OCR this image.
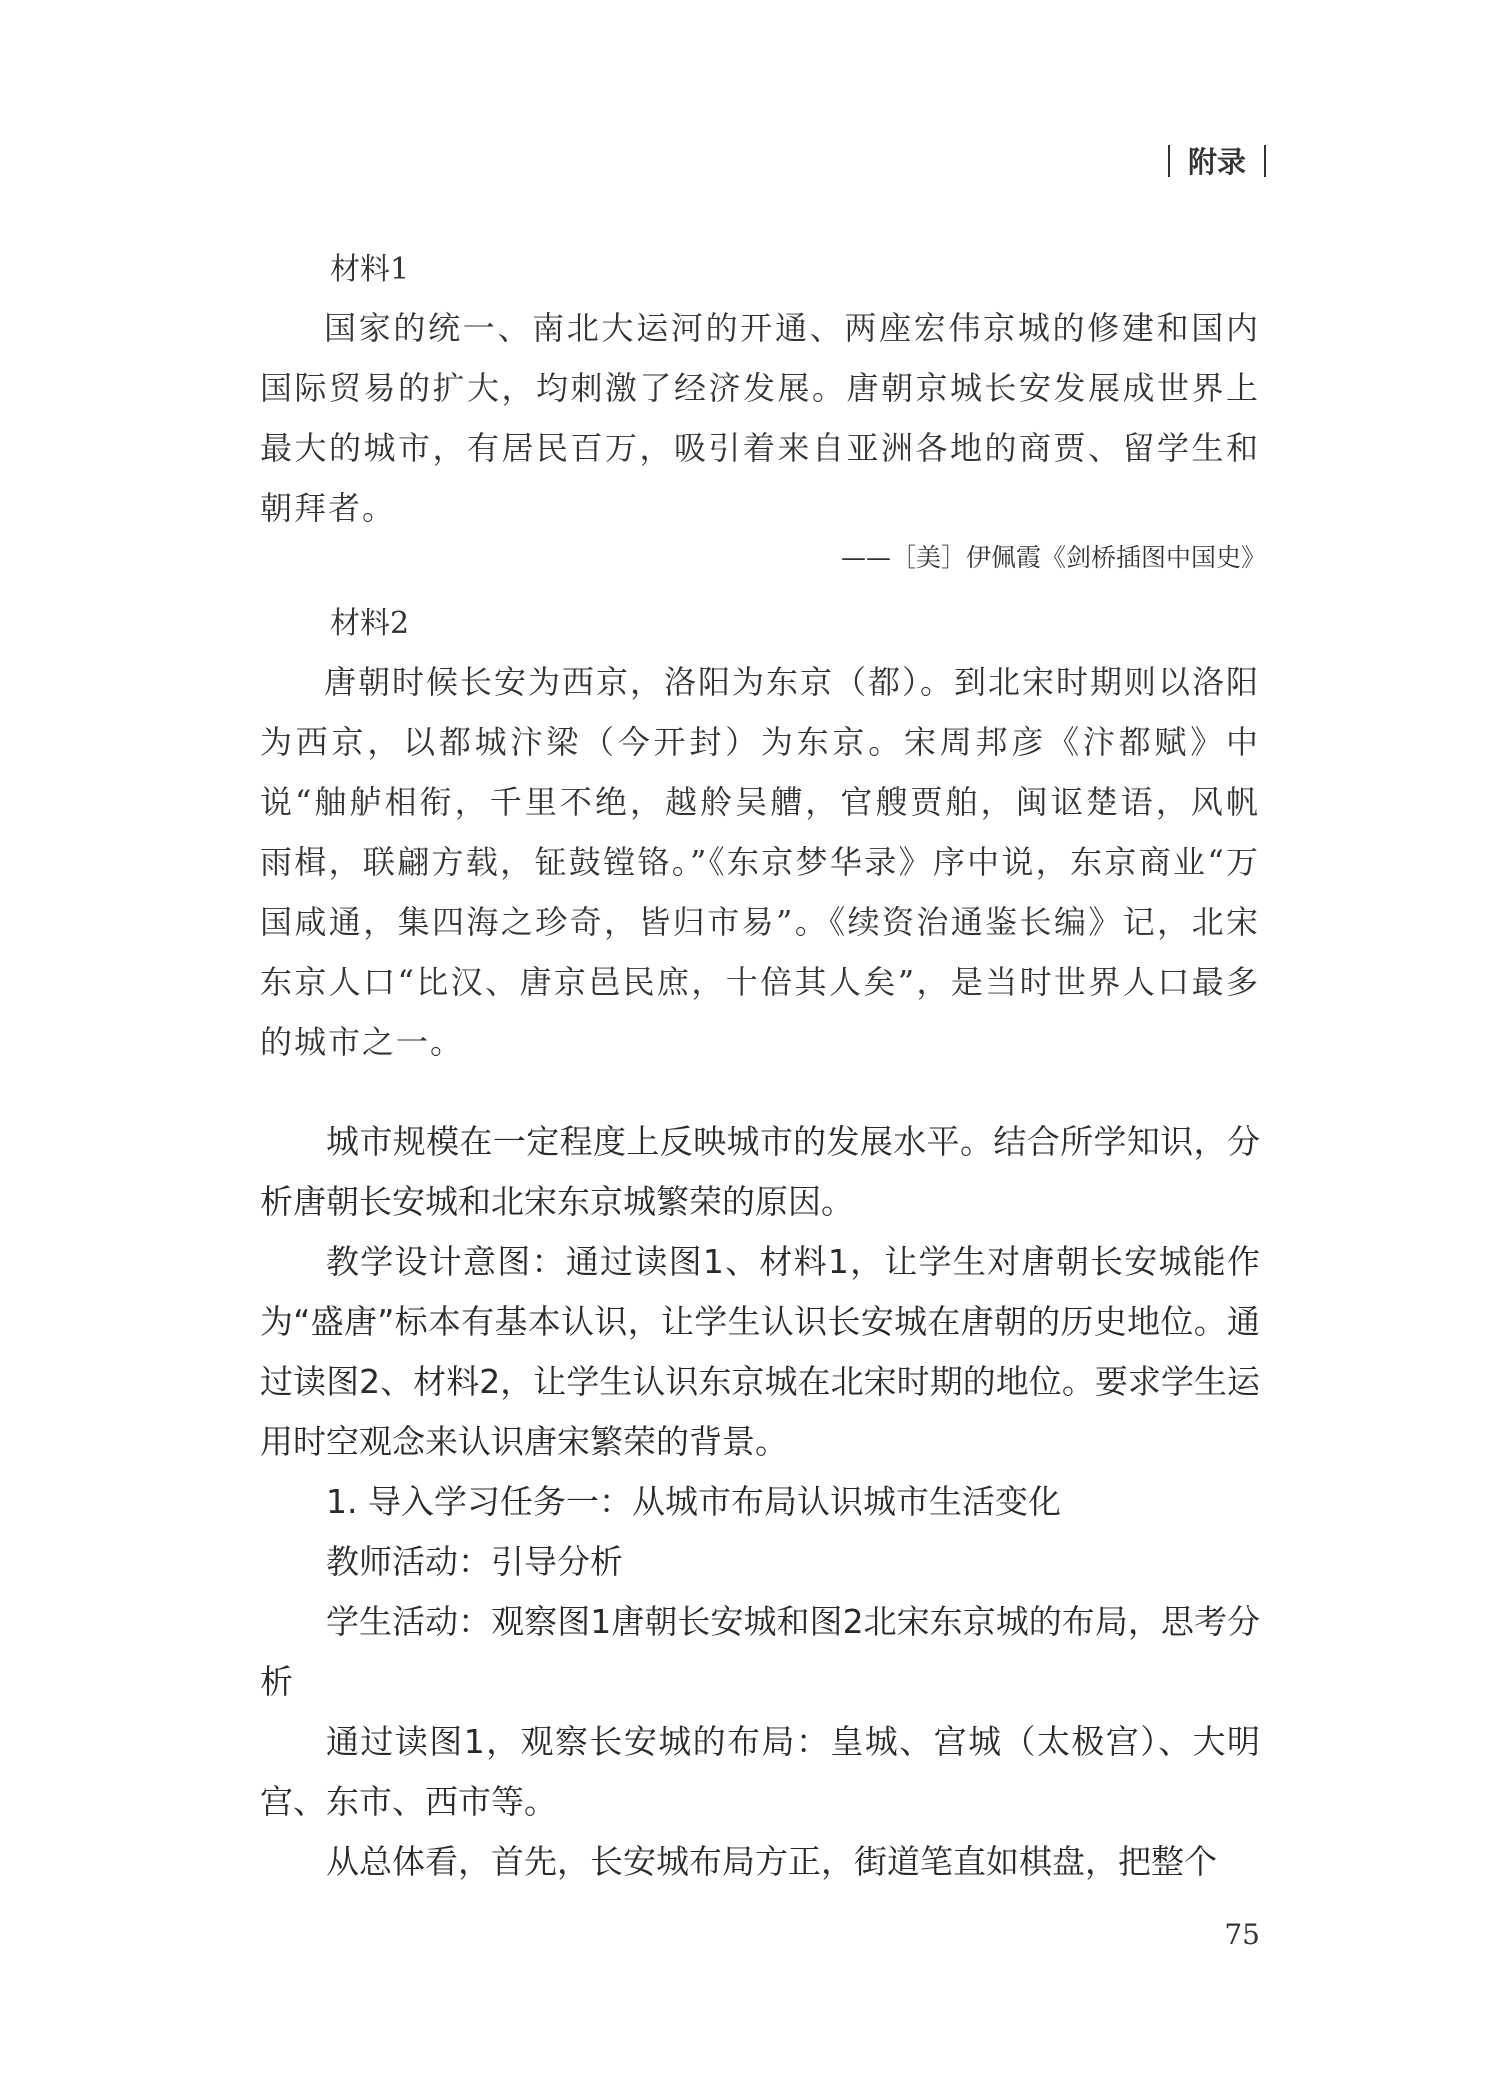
附录
材料1

国家的统一、南北大运河的开通、两座宏伟京城的修建和国内国际贸易的扩大，均刺激了经济发展。唐朝京城长安发展成世界上最大的城市，有居民百万，吸引着来自亚洲各地的商贾、留学生和朝拜者。

——［美］伊佩霞《剑桥插图中国史》
材料2

唐朝时候长安为西京，洛阳为东京（都）。到北宋时期则以洛阳为西京，以都城汴梁（今开封）为东京。宋周邦彦《汴都赋》中说“舳舻相衔，千里不绝，越舲吴艚，官艘贾舶，闽讴楚语，风帆雨楫，联翩方载，钲鼓镗铬。”《东京梦华录》序中说，东京商业“万国咸通，集四海之珍奇，皆归市易”。《续资治通鉴长编》记，北宋东京人口“比汉、唐京邑民庶，十倍其人矣”，是当时世界人口最多的城市之一。

城市规模在一定程度上反映城市的发展水平。结合所学知识，分析唐朝长安城和北宋东京城繁荣的原因。

教学设计意图：通过读图1、材料1，让学生对唐朝长安城能作为“盛唐”标本有基本认识，让学生认识长安城在唐朝的历史地位。通过读图2、材料2，让学生认识东京城在北宋时期的地位。要求学生运用时空观念来认识唐宋繁荣的背景。

1. 导入学习任务一：从城市布局认识城市生活变化

教师活动：引导分析

学生活动：观察图1唐朝长安城和图2北宋东京城的布局，思考分析

通过读图1，观察长安城的布局：皇城、宫城（太极宫）、大明宫、东市、西市等。

从总体看，首先，长安城布局方正，街道笔直如棋盘，把整个

75
